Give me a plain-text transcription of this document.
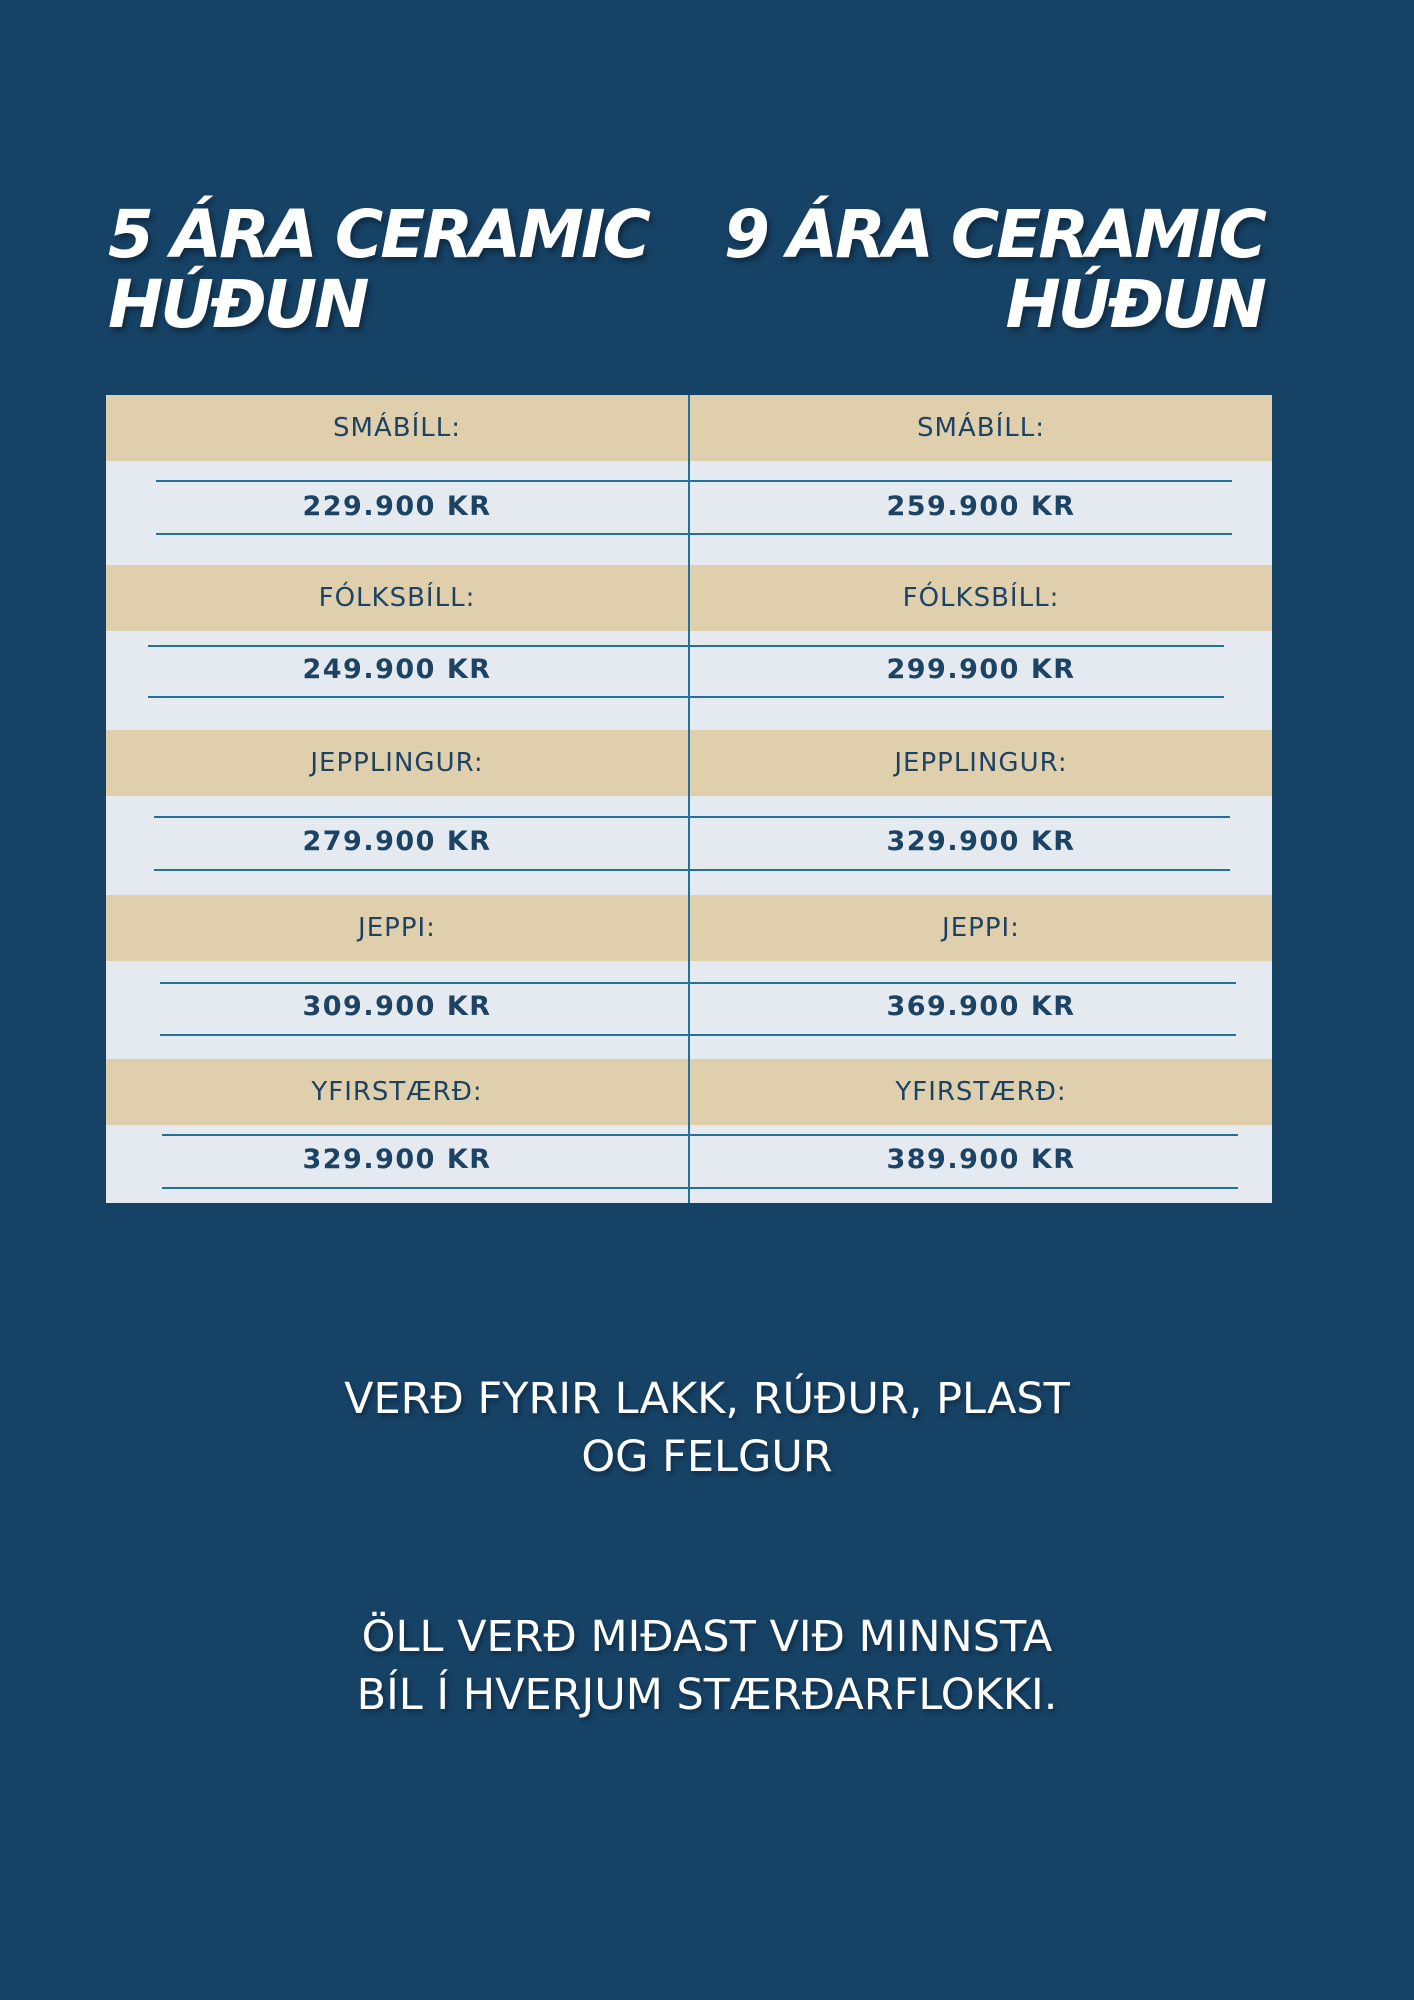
5 ÁRA CERAMIC
HÚÐUN
9 ÁRA CERAMIC
HÚÐUN
SMÁBÍLL:	SMÁBÍLL:
229.900 KR	259.900 KR
FÓLKSBÍLL:	FÓLKSBÍLL:
249.900 KR	299.900 KR
JEPPLINGUR:	JEPPLINGUR:
279.900 KR	329.900 KR
JEPPI:	JEPPI:
309.900 KR	369.900 KR
YFIRSTÆRÐ:	YFIRSTÆRÐ:
329.900 KR	389.900 KR
VERÐ FYRIR LAKK, RÚÐUR, PLAST
OG FELGUR
ÖLL VERÐ MIÐAST VIÐ MINNSTA
BÍL Í HVERJUM STÆRÐARFLOKKI.
